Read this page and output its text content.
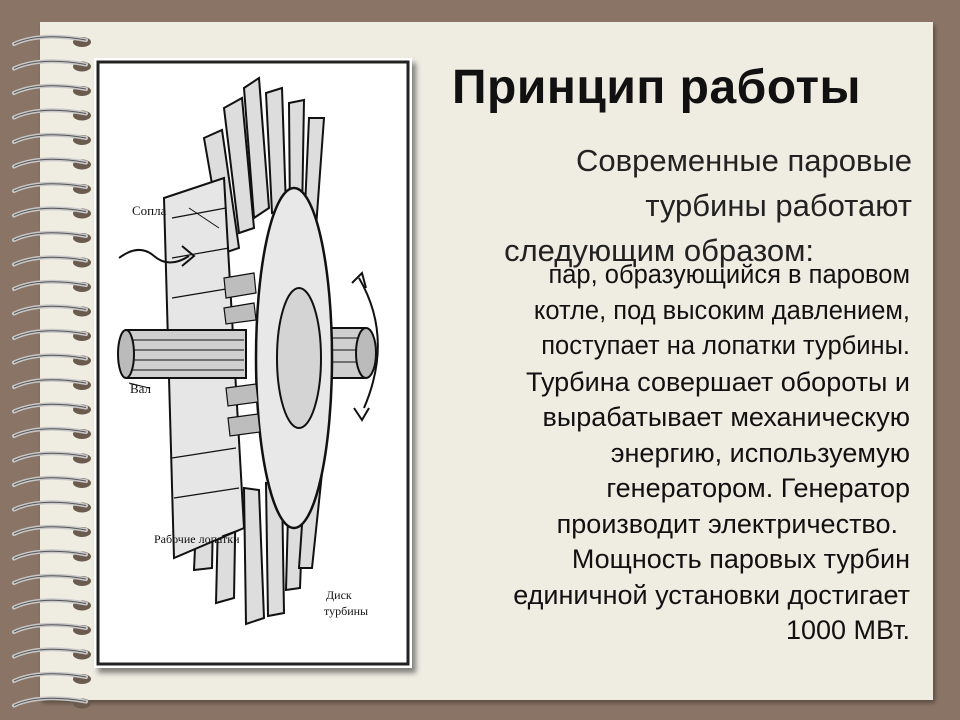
Сопла
Вал
Рабочие лопатки
Диск
турбины
Принцип работы
Современные паровые

турбины работают
следующим образом:
пар, образующийся в паровом
котле, под высоким давлением,
поступает на лопатки турбины.
Турбина совершает обороты и
вырабатывает механическую
энергию, используемую
генератором. Генератор
производит электричество.
Мощность паровых турбин
единичной установки достигает
1000 МВт.
